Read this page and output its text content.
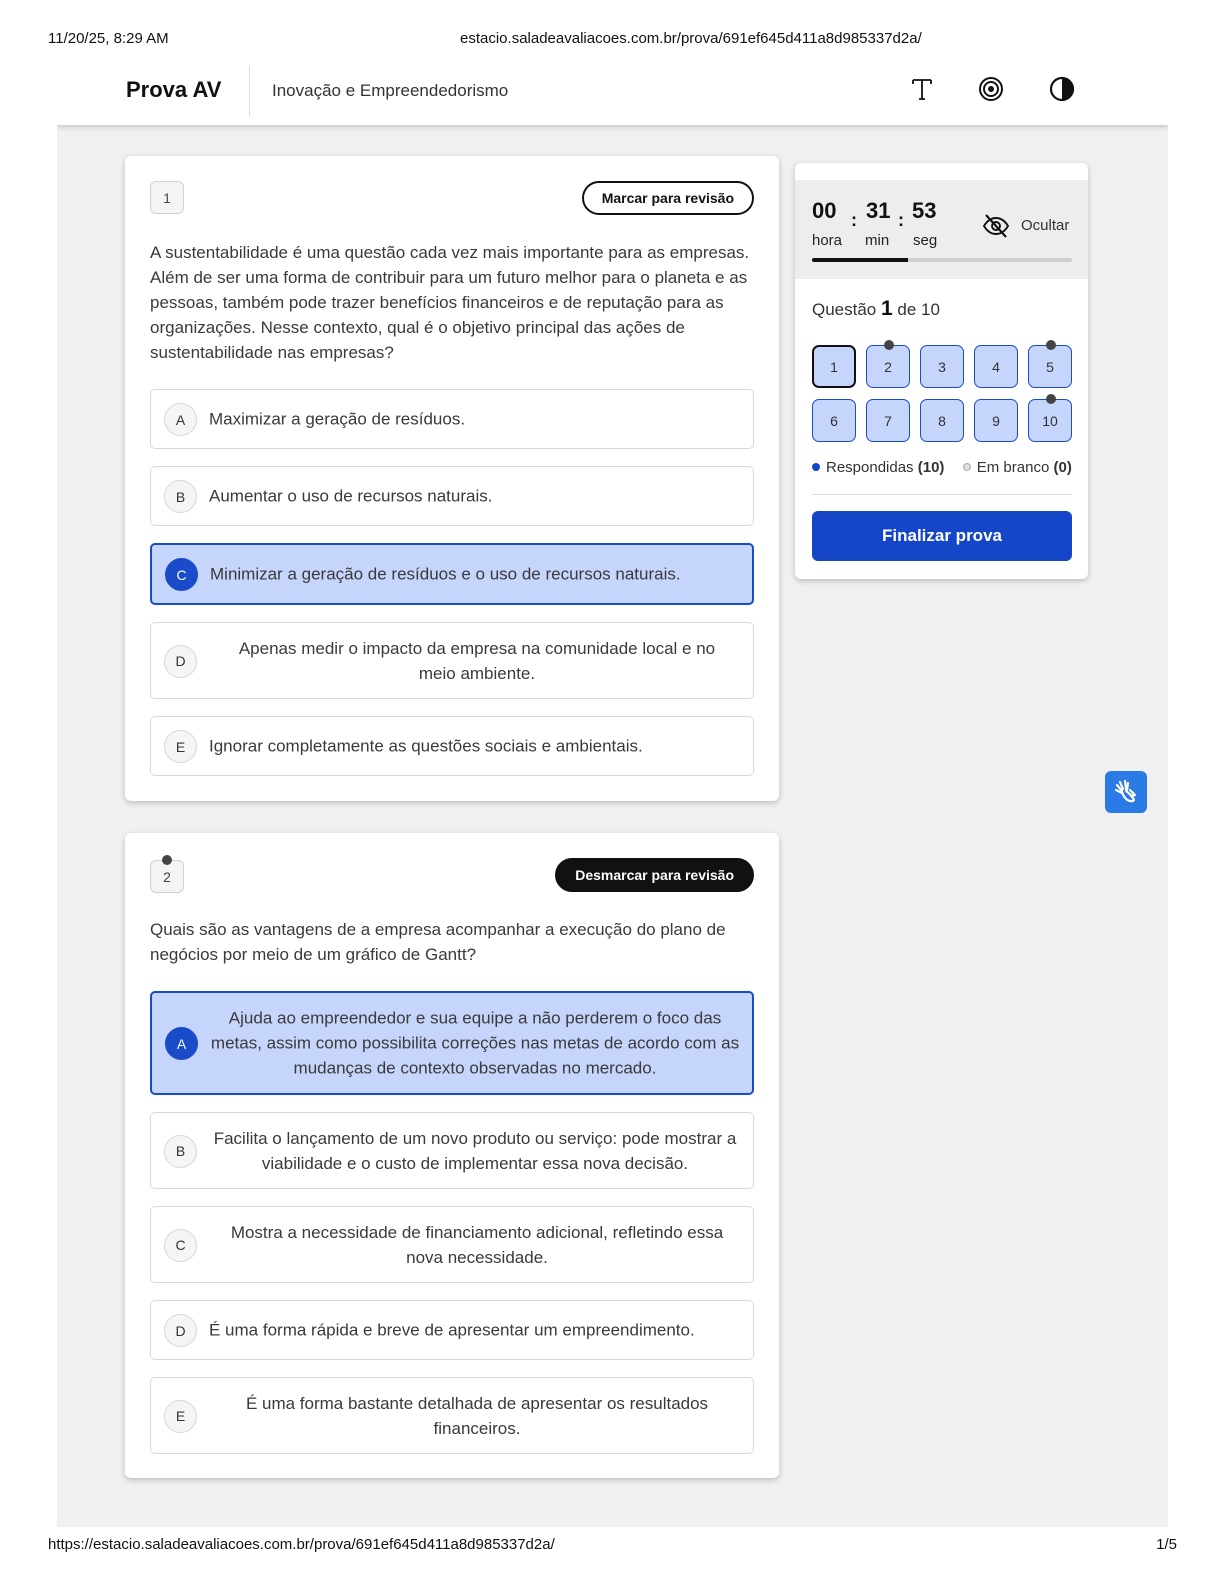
11/20/25, 8:29 AM	estacio.saladeavaliacoes.com.br/prova/691ef645d411a8d985337d2a/
Prova AV	Inovação e Empreendedorismo
1	Marcar para revisão
A sustentabilidade é uma questão cada vez mais importante para as empresas. Além de ser uma forma de contribuir para um futuro melhor para o planeta e as pessoas, também pode trazer benefícios financeiros e de reputação para as organizações. Nesse contexto, qual é o objetivo principal das ações de sustentabilidade nas empresas?
A	Maximizar a geração de resíduos.
B	Aumentar o uso de recursos naturais.
C	Minimizar a geração de resíduos e o uso de recursos naturais.
D
Apenas medir o impacto da empresa na comunidade local e no meio ambiente.
E	Ignorar completamente as questões sociais e ambientais.
2	Desmarcar para revisão
Quais são as vantagens de a empresa acompanhar a execução do plano de negócios por meio de um gráfico de Gantt?
A
Ajuda ao empreendedor e sua equipe a não perderem o foco das metas, assim como possibilita correções nas metas de acordo com as mudanças de contexto observadas no mercado.
B
Facilita o lançamento de um novo produto ou serviço: pode mostrar a viabilidade e o custo de implementar essa nova decisão.
C
Mostra a necessidade de financiamento adicional, refletindo essa nova necessidade.
D	É uma forma rápida e breve de apresentar um empreendimento.
E
É uma forma bastante detalhada de apresentar os resultados financeiros.
00
hora
: 31
min
: 53
seg
Ocultar
Questão 1 de 10
1	2	3	4	5
6	7	8	9	10
Respondidas (10) Em branco (0)
Finalizar prova
https://estacio.saladeavaliacoes.com.br/prova/691ef645d411a8d985337d2a/	1/5
